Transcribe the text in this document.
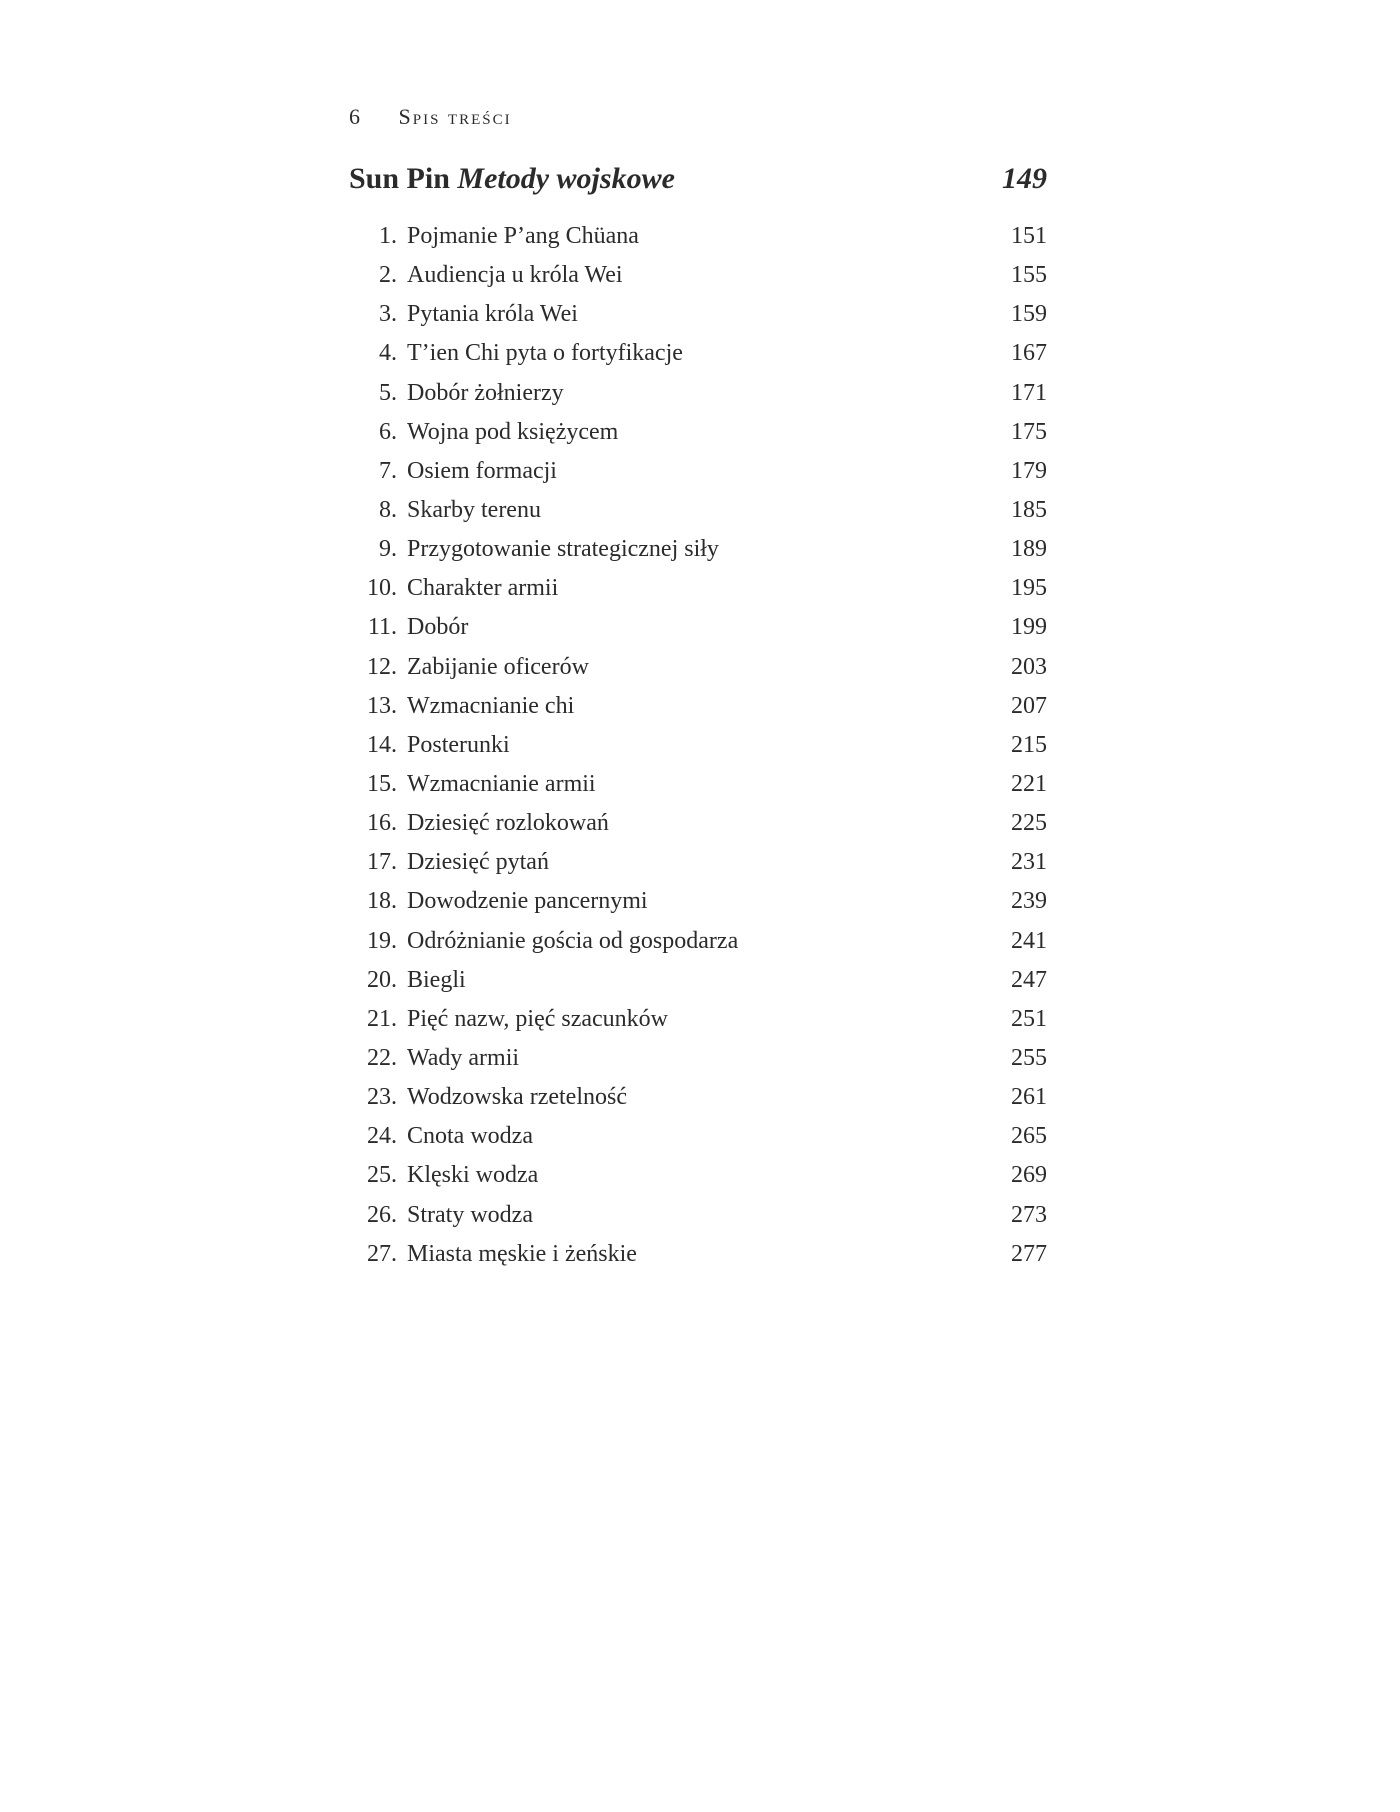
6 Spis treści
Sun Pin Metody wojskowe	149
1. Pojmanie P’ang Chüana	151
2. Audiencja u króla Wei	155
3. Pytania króla Wei	159
4. T’ien Chi pyta o fortyfikacje	167
5. Dobór żołnierzy	171
6. Wojna pod księżycem	175
7. Osiem formacji	179
8. Skarby terenu	185
9. Przygotowanie strategicznej siły	189
10. Charakter armii	195
11. Dobór	199
12. Zabijanie oficerów	203
13. Wzmacnianie chi	207
14. Posterunki	215
15. Wzmacnianie armii	221
16. Dziesięć rozlokowań	225
17. Dziesięć pytań	231
18. Dowodzenie pancernymi	239
19. Odróżnianie gościa od gospodarza	241
20. Biegli	247
21. Pięć nazw, pięć szacunków	251
22. Wady armii	255
23. Wodzowska rzetelność	261
24. Cnota wodza	265
25. Klęski wodza	269
26. Straty wodza	273
27. Miasta męskie i żeńskie	277
